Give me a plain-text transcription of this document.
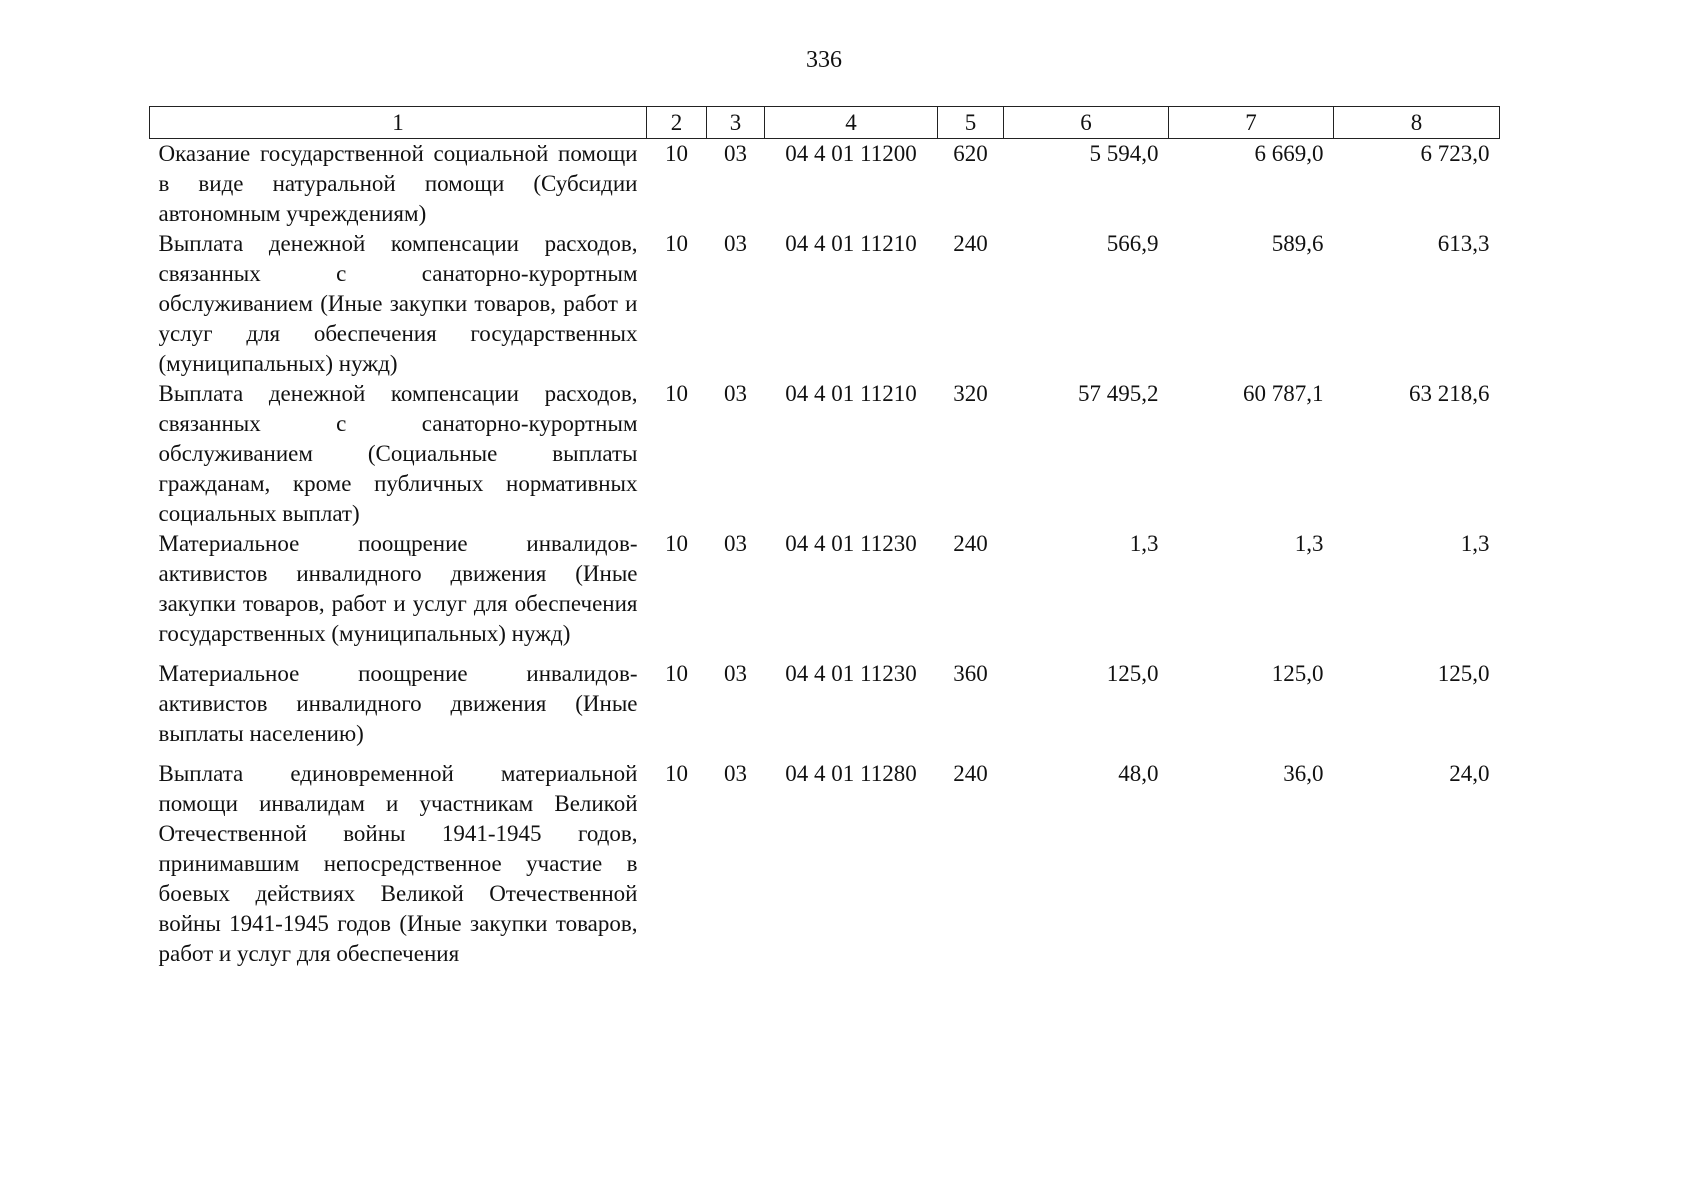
336
1	2	3	4	5	6	7	8
Оказание государственной социальной помощи в виде натуральной помощи (Субсидии автономным учреждениям)	10	03	04 4 01 11200	620	5 594,0	6 669,0	6 723,0
Выплата денежной компенсации расходов, связанных с санаторно-курортным обслуживанием (Иные закупки товаров, работ и услуг для обеспечения государственных (муниципальных) нужд)	10	03	04 4 01 11210	240	566,9	589,6	613,3
Выплата денежной компенсации расходов, связанных с санаторно-курортным обслуживанием (Социальные выплаты гражданам, кроме публичных нормативных социальных выплат)	10	03	04 4 01 11210	320	57 495,2	60 787,1	63 218,6
Материальное поощрение инвалидов-активистов инвалидного движения (Иные закупки товаров, работ и услуг для обеспечения государственных (муниципальных) нужд)	10	03	04 4 01 11230	240	1,3	1,3	1,3
Материальное поощрение инвалидов-активистов инвалидного движения (Иные выплаты населению)	10	03	04 4 01 11230	360	125,0	125,0	125,0
Выплата единовременной материальной помощи инвалидам и участникам Великой Отечественной войны 1941-1945 годов, принимавшим непосредственное участие в боевых действиях Великой Отечественной войны 1941-1945 годов (Иные закупки товаров, работ и услуг для обеспечения	10	03	04 4 01 11280	240	48,0	36,0	24,0
